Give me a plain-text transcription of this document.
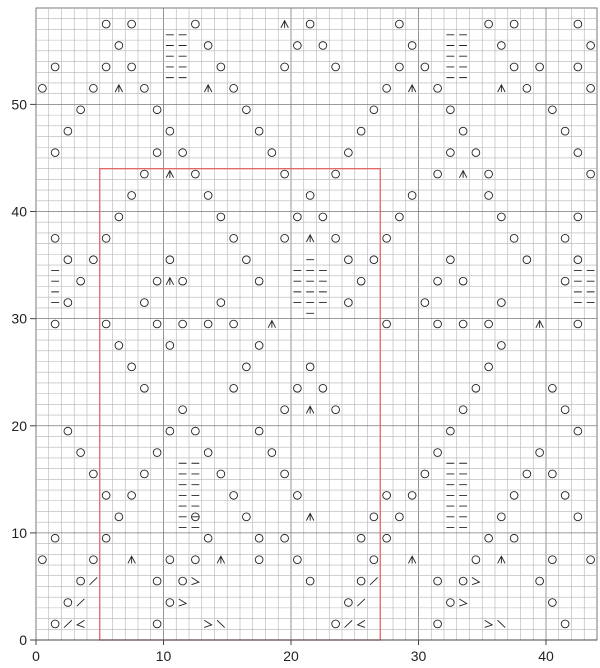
0	10	20	30	40
0
10
20
30
40
50
